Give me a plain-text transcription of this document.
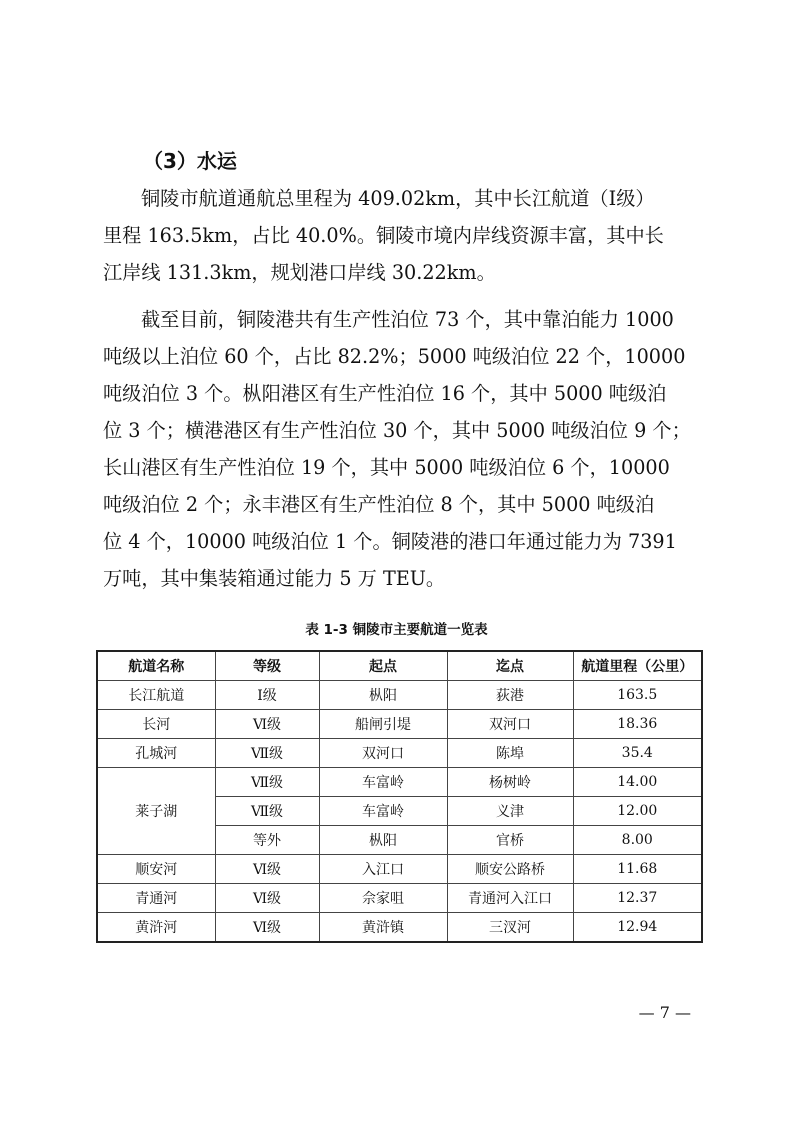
（3）水运
铜陵市航道通航总里程为 409.02km，其中长江航道（Ⅰ级）
里程 163.5km，占比 40.0%。铜陵市境内岸线资源丰富，其中长
江岸线 131.3km，规划港口岸线 30.22km。
截至目前，铜陵港共有生产性泊位 73 个，其中靠泊能力 1000
吨级以上泊位 60 个，占比 82.2%；5000 吨级泊位 22 个，10000
吨级泊位 3 个。枞阳港区有生产性泊位 16 个，其中 5000 吨级泊
位 3 个；横港港区有生产性泊位 30 个，其中 5000 吨级泊位 9 个；
长山港区有生产性泊位 19 个，其中 5000 吨级泊位 6 个，10000
吨级泊位 2 个；永丰港区有生产性泊位 8 个，其中 5000 吨级泊
位 4 个，10000 吨级泊位 1 个。铜陵港的港口年通过能力为 7391
万吨，其中集装箱通过能力 5 万 TEU。
表 1-3 铜陵市主要航道一览表
航道名称	等级	起点	迄点	航道里程（公里）
长江航道	Ⅰ级	枞阳	荻港	163.5
长河	Ⅵ级	船闸引堤	双河口	18.36
孔城河	Ⅶ级	双河口	陈埠	35.4
莱子湖	Ⅶ级	车富岭	杨树岭	14.00
	Ⅶ级	车富岭	义津	12.00
	等外	枞阳	官桥	8.00
顺安河	Ⅵ级	入江口	顺安公路桥	11.68
青通河	Ⅵ级	佘家咀	青通河入江口	12.37
黄浒河	Ⅵ级	黄浒镇	三汊河	12.94
— 7 —
